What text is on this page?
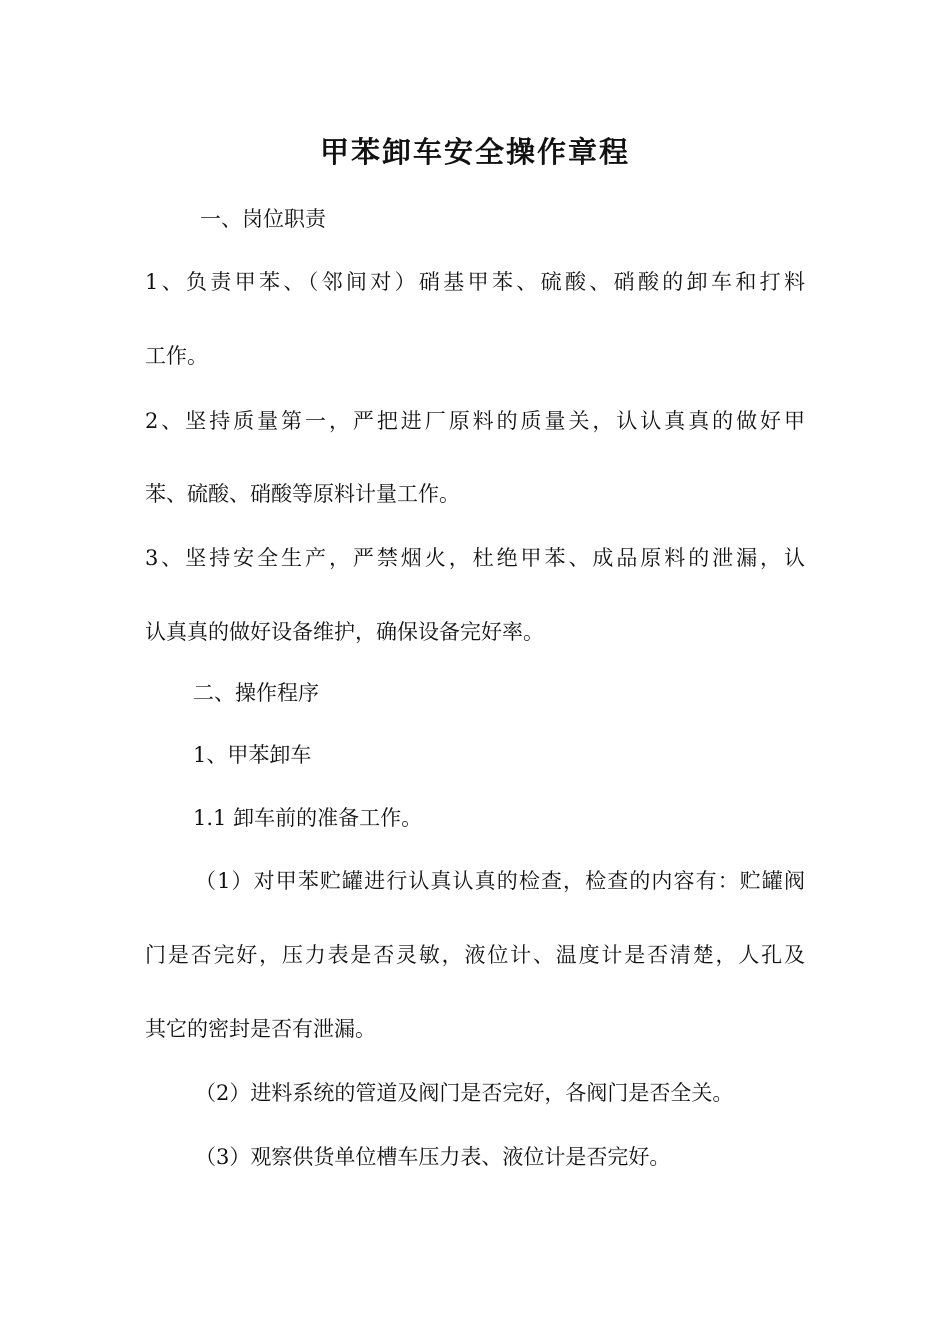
甲苯卸车安全操作章程

一、岗位职责

1、负责甲苯、（邻间对）硝基甲苯、硫酸、硝酸的卸车和打料

工作。

2、坚持质量第一，严把进厂原料的质量关，认认真真的做好甲

苯、硫酸、硝酸等原料计量工作。

3、坚持安全生产，严禁烟火，杜绝甲苯、成品原料的泄漏，认

认真真的做好设备维护，确保设备完好率。

二、操作程序

1、甲苯卸车

1.1 卸车前的准备工作。

（1）对甲苯贮罐进行认真认真的检查，检查的内容有：贮罐阀

门是否完好，压力表是否灵敏，液位计、温度计是否清楚，人孔及

其它的密封是否有泄漏。

（2）进料系统的管道及阀门是否完好，各阀门是否全关。

（3）观察供货单位槽车压力表、液位计是否完好。
